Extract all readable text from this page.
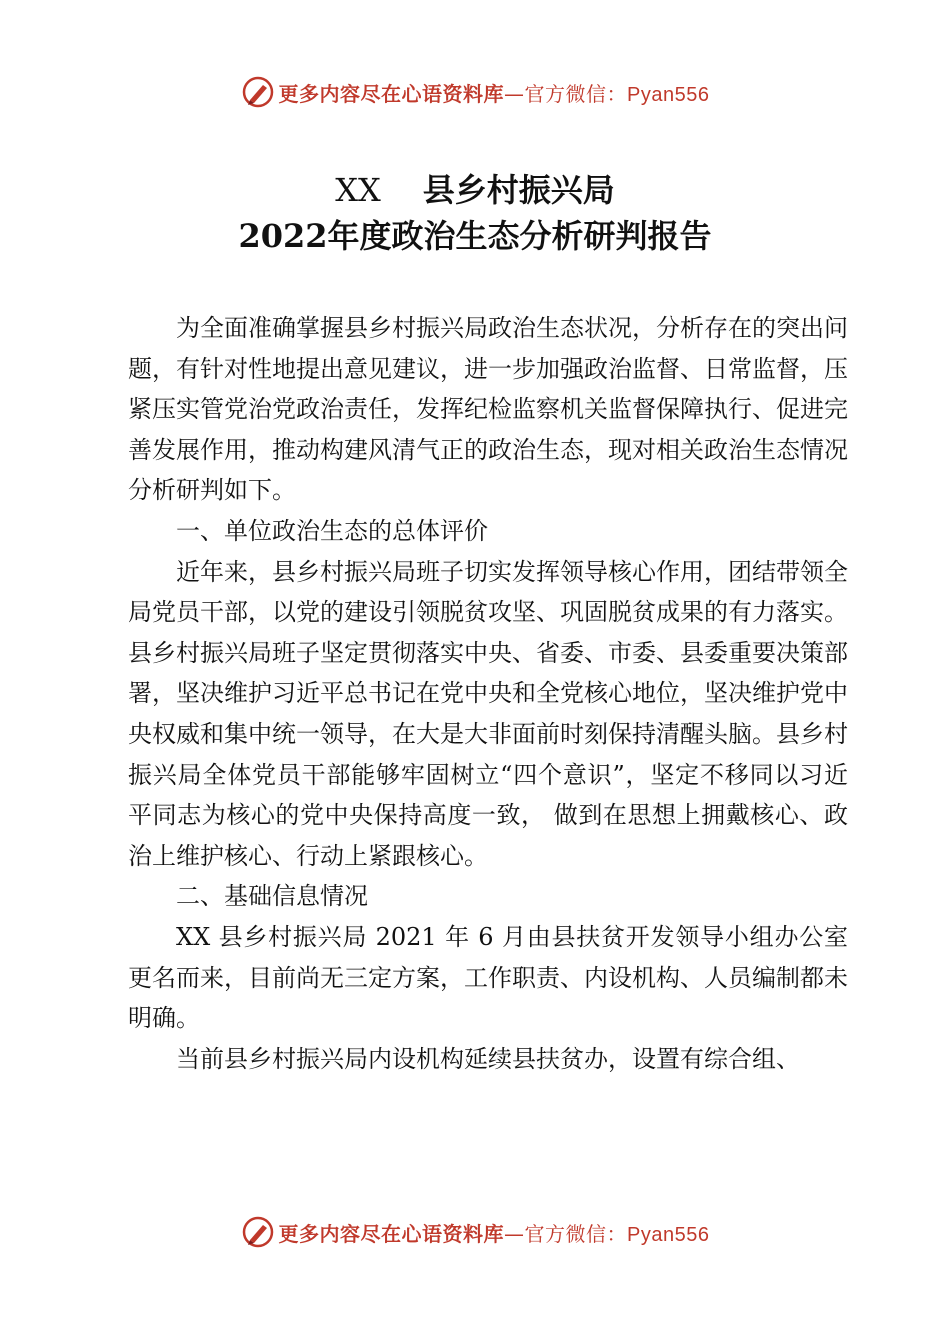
更多内容尽在心语资料库—官方微信：Pyan556
XX 县乡村振兴局
2022年度政治生态分析研判报告

为全面准确掌握县乡村振兴局政治生态状况，分析存在的突出问题，有针对性地提出意见建议，进一步加强政治监督、日常监督，压紧压实管党治党政治责任，发挥纪检监察机关监督保障执行、促进完善发展作用，推动构建风清气正的政治生态，现对相关政治生态情况分析研判如下。

一、单位政治生态的总体评价

近年来，县乡村振兴局班子切实发挥领导核心作用，团结带领全局党员干部，以党的建设引领脱贫攻坚、巩固脱贫成果的有力落实。县乡村振兴局班子坚定贯彻落实中央、省委、市委、县委重要决策部署，坚决维护习近平总书记在党中央和全党核心地位，坚决维护党中央权威和集中统一领导，在大是大非面前时刻保持清醒头脑。县乡村振兴局全体党员干部能够牢固树立“四个意识”，坚定不移同以习近平同志为核心的党中央保持高度一致， 做到在思想上拥戴核心、政治上维护核心、行动上紧跟核心。

二、基础信息情况

XX 县乡村振兴局 2021 年 6 月由县扶贫开发领导小组办公室更名而来，目前尚无三定方案，工作职责、内设机构、人员编制都未明确。

当前县乡村振兴局内设机构延续县扶贫办，设置有综合组、

更多内容尽在心语资料库—官方微信：Pyan556
